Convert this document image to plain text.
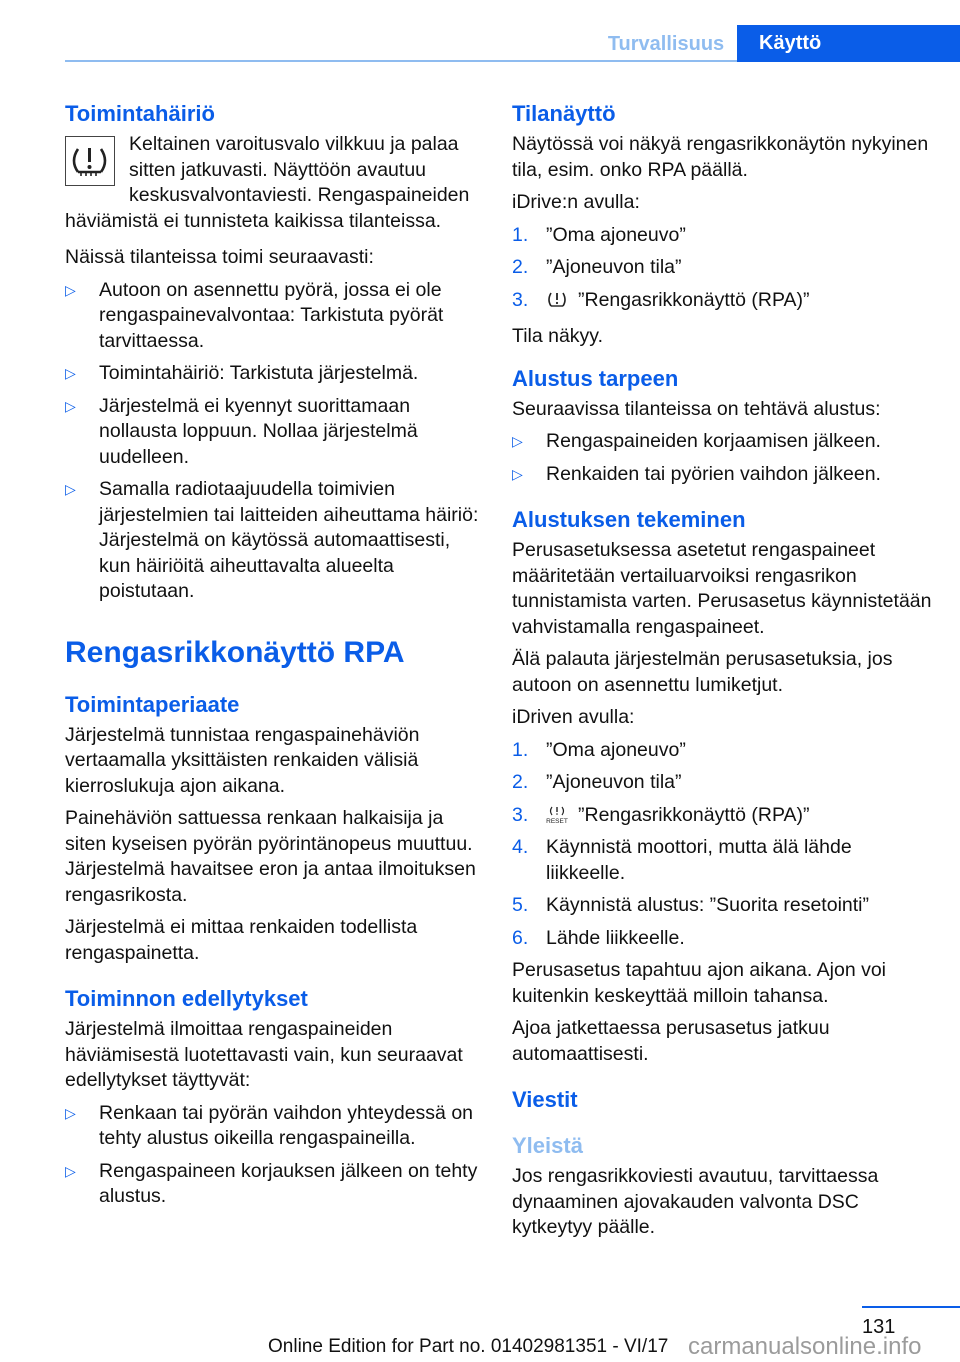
Turvallisuus	Käyttö
Toimintahäiriö

Keltainen varoitusvalo vilkkuu ja palaa sitten jatkuvasti. Näyttöön avautuu keskusvalvontaviesti. Rengaspaineiden häviämistä ei tunnisteta kaikissa tilanteissa.

Näissä tilanteissa toimi seuraavasti:

▷ Autoon on asennettu pyörä, jossa ei ole rengaspainevalvontaa: Tarkistuta pyörät tarvittaessa.
▷ Toimintahäiriö: Tarkistuta järjestelmä.
▷ Järjestelmä ei kyennyt suorittamaan nollausta loppuun. Nollaa järjestelmä uudelleen.
▷ Samalla radiotaajuudella toimivien järjestelmien tai laitteiden aiheuttama häiriö: Järjestelmä on käytössä automaattisesti, kun häiriöitä aiheuttavalta alueelta poistutaan.
Rengasrikkonäyttö RPA
Toimintaperiaate

Järjestelmä tunnistaa rengaspainehäviön vertaamalla yksittäisten renkaiden välisiä kierroslukuja ajon aikana.

Painehäviön sattuessa renkaan halkaisija ja siten kyseisen pyörän pyörintänopeus muuttuu. Järjestelmä havaitsee eron ja antaa ilmoituksen rengasrikosta.

Järjestelmä ei mittaa renkaiden todellista rengaspainetta.

Toiminnon edellytykset

Järjestelmä ilmoittaa rengaspaineiden häviämisestä luotettavasti vain, kun seuraavat edellytykset täyttyvät:

▷ Renkaan tai pyörän vaihdon yhteydessä on tehty alustus oikeilla rengaspaineilla.
▷ Rengaspaineen korjauksen jälkeen on tehty alustus.
Tilanäyttö

Näytössä voi näkyä rengasrikkonäytön nykyinen tila, esim. onko RPA päällä.

iDrive:n avulla:

1. ”Oma ajoneuvo”
2. ”Ajoneuvon tila”
3.	”Rengasrikkonäyttö (RPA)”

Tila näkyy.

Alustus tarpeen

Seuraavissa tilanteissa on tehtävä alustus:

▷ Rengaspaineiden korjaamisen jälkeen.
▷ Renkaiden tai pyörien vaihdon jälkeen.
Alustuksen tekeminen

Perusasetuksessa asetetut rengaspaineet määritetään vertailuarvoiksi rengasrikon tunnistamista varten. Perusasetus käynnistetään vahvistamalla rengaspaineet.

Älä palauta järjestelmän perusasetuksia, jos autoon on asennettu lumiketjut.

iDriven avulla:

1. ”Oma ajoneuvo”
2. ”Ajoneuvon tila”
3.	RESET ”Rengasrikkonäyttö (RPA)”
4. Käynnistä moottori, mutta älä lähde liikkeelle.
5. Käynnistä alustus: ”Suorita resetointi”
6. Lähde liikkeelle.

Perusasetus tapahtuu ajon aikana. Ajon voi kuitenkin keskeyttää milloin tahansa.

Ajoa jatkettaessa perusasetus jatkuu automaattisesti.

Viestit
Yleistä

Jos rengasrikkoviesti avautuu, tarvittaessa dynaaminen ajovakauden valvonta DSC kytkeytyy päälle.

131
Online Edition for Part no. 01402981351 - VI/17 carmanualsonline.info
